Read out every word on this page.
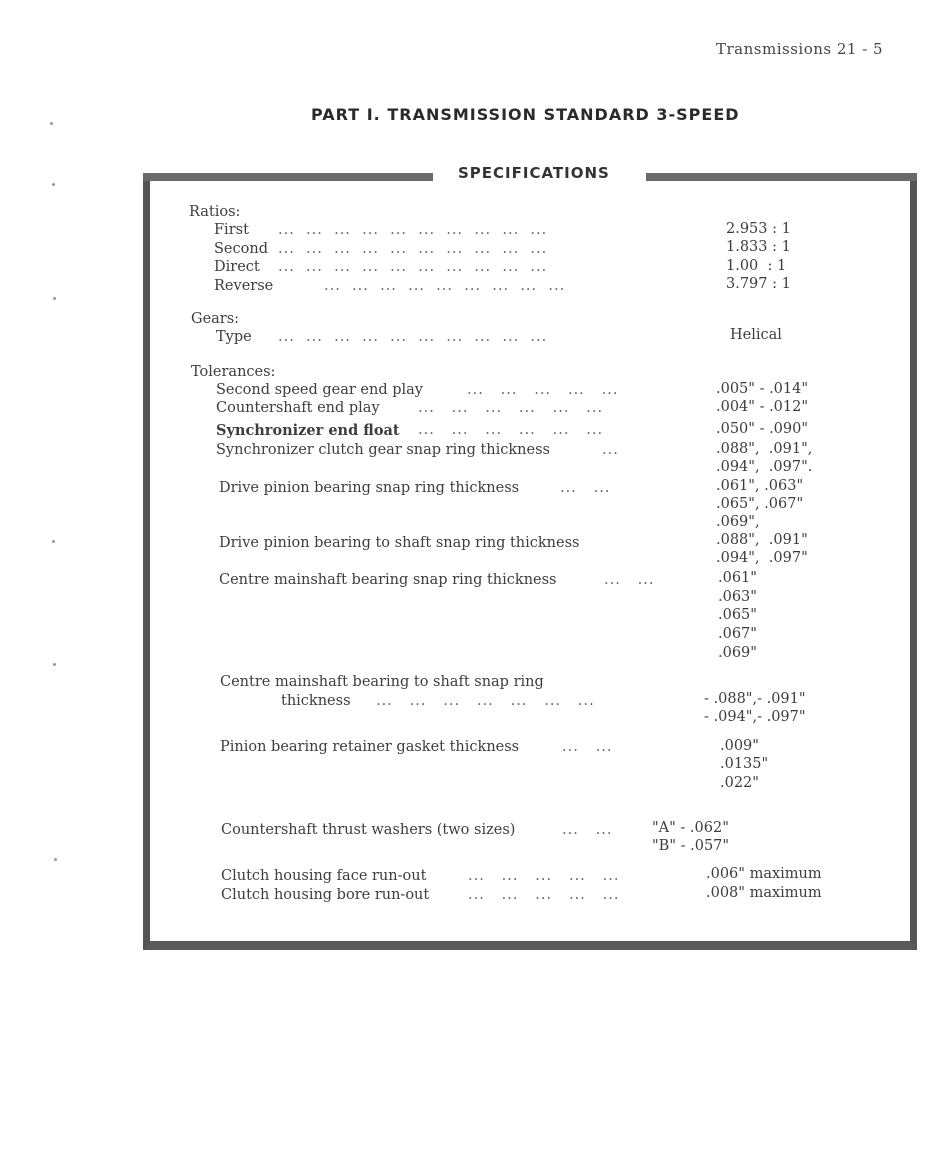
Transmissions 21 - 5
PART I. TRANSMISSION STANDARD 3-SPEED
SPECIFICATIONS
Ratios:
First ...  ...  ...  ...  ...  ...  ...  ...  ...  ...	2.953 : 1
Second ...  ...  ...  ...  ...  ...  ...  ...  ...  ...	1.833 : 1
Direct ...  ...  ...  ...  ...  ...  ...  ...  ...  ...	1.00  : 1
Reverse	...  ...  ...  ...  ...  ...  ...  ...  ...	3.797 : 1
Gears:
Type ...  ...  ...  ...  ...  ...  ...  ...  ...  ...	Helical
Tolerances:
Second speed gear end play	...   ...   ...   ...   ...	.005" - .014"
Countershaft end play	...   ...   ...   ...   ...   ...	.004" - .012"
Synchronizer end float ...   ...   ...   ...   ...   ...	.050" - .090"
Synchronizer clutch gear snap ring thickness	...	.088",  .091",
.094",  .097".
Drive pinion bearing snap ring thickness	...   ...	.061", .063"
.065", .067"
.069",
Drive pinion bearing to shaft snap ring thickness	.088",  .091"
.094",  .097"
Centre mainshaft bearing snap ring thickness	...   ...	.061"
.063"
.065"
.067"
.069"
Centre mainshaft bearing to shaft snap ring
thickness ...   ...   ...   ...   ...   ...   ...	- .088",- .091"
- .094",- .097"
Pinion bearing retainer gasket thickness	...   ...	.009"
.0135"
.022"
Countershaft thrust washers (two sizes)	...   ...	"A" - .062"
"B" - .057"
Clutch housing face run-out	...   ...   ...   ...   ...	.006" maximum
Clutch housing bore run-out	...   ...   ...   ...   ...	.008" maximum
